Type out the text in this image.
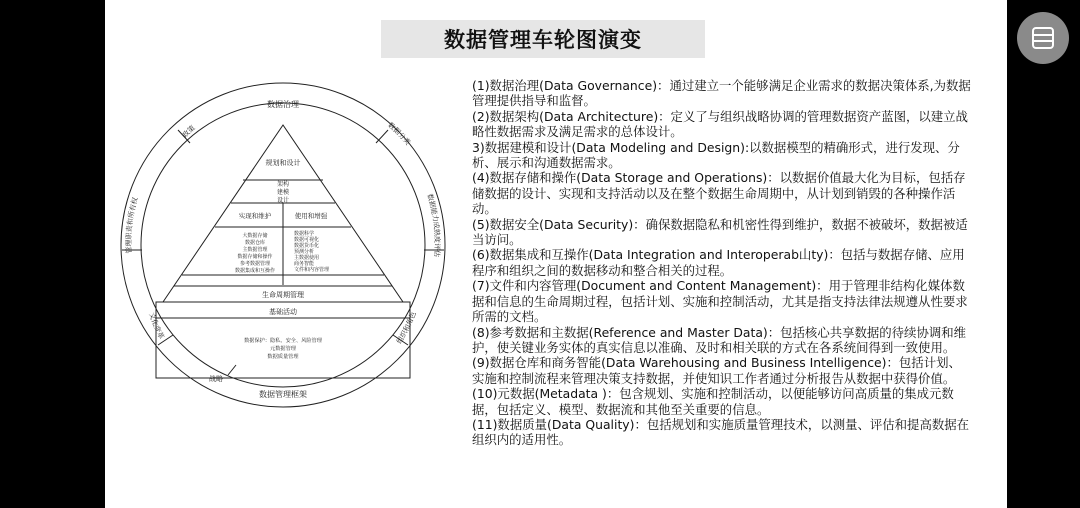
数据管理车轮图演变
数据治理
数据管理框架
战略
管理职责和所有权	数据能力成熟度评估
政策	数据分类
文化变革	组织和角色
规划和设计
架构
建模
设计
实现和维护	使用和增强
大数据存储
数据仓库
主数据管理
数据存储和操作
参考数据管理
数据集成和互操作
数据科学
数据可视化
数据货币化
预测分析
主数据使用
商务智能
文件和内容管理
生命周期管理
基础活动
数据保护：隐私、安全、风险管理
元数据管理
数据质量管理

(1)数据治理(Data Governance)：通过建立一个能够满足企业需求的数据决策体系,为数据管理提供指导和监督。

(2)数据架构(Data Architecture)：定义了与组织战略协调的管理数据资产蓝图，以建立战略性数据需求及满足需求的总体设计。

3)数据建模和设计(Data Modeling and Design):以数据模型的精确形式，进行发现、分析、展示和沟通数据需求。

(4)数据存储和操作(Data Storage and Operations)：以数据价值最大化为目标，包括存储数据的设计、实现和支持活动以及在整个数据生命周期中，从计划到销毁的各种操作活动。

(5)数据安全(Data Security)：确保数据隐私和机密性得到维护，数据不被破坏，数据被适当访问。

(6)数据集成和互操作(Data Integration and Interoperab山ty)：包括与数据存储、应用程序和组织之间的数据移动和整合相关的过程。

(7)文件和内容管理(Document and Content Management)：用于管理非结构化媒体数据和信息的生命周期过程，包括计划、实施和控制活动，尤其是指支持法律法规遵从性要求所需的文档。

(8)参考数据和主数据(Reference and Master Data)：包括核心共享数据的待续协调和维护，使关键业务实体的真实信息以准确、及时和相关联的方式在各系统间得到一致使用。

(9)数据仓库和商务智能(Data Warehousing and Business Intelligence)：包括计划、实施和控制流程来管理决策支持数据，并使知识工作者通过分析报告从数据中获得价值。

(10)元数据(Metadata )：包含规划、实施和控制活动，以便能够访问高质量的集成元数据，包括定义、模型、数据流和其他至关重要的信息。

(11)数据质量(Data Quality)：包括规划和实施质量管理技术，以测量、评估和提高数据在组织内的适用性。
